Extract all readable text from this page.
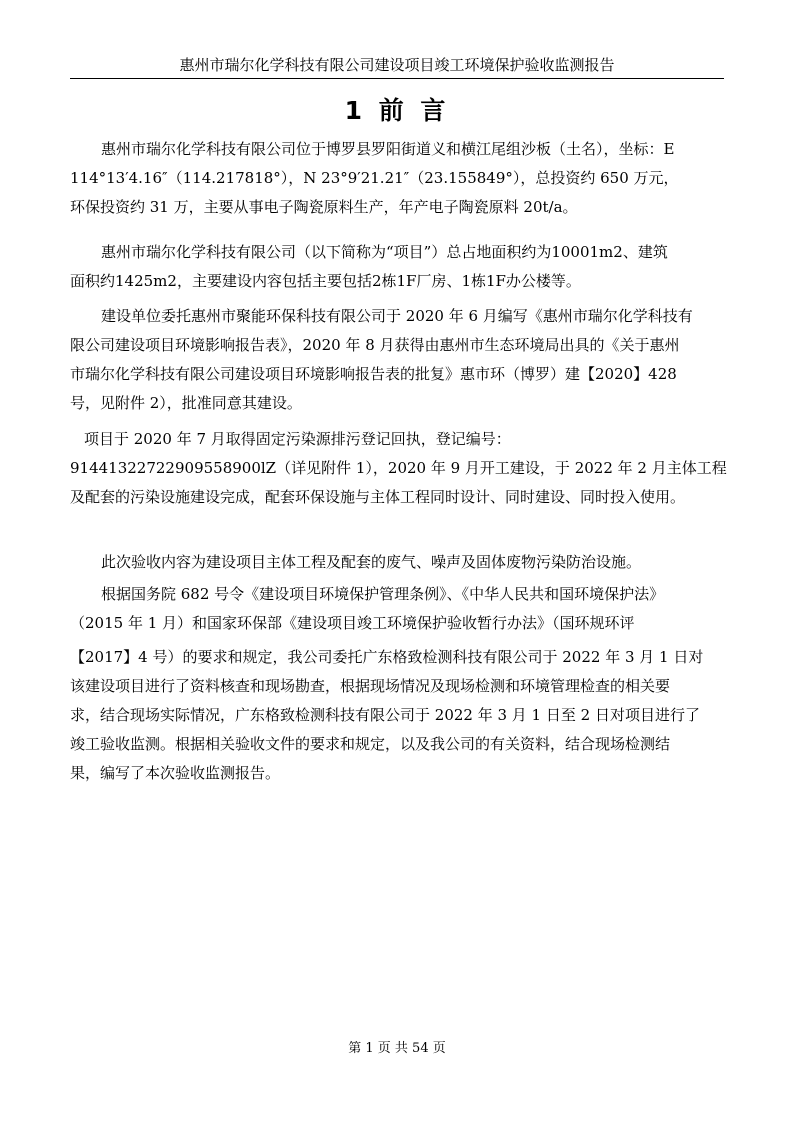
惠州市瑞尔化学科技有限公司建设项目竣工环境保护验收监测报告
1 前 言
惠州市瑞尔化学科技有限公司位于博罗县罗阳街道义和横江尾组沙板（土名），坐标：E
114°13′4.16″（114.217818°），N 23°9′21.21″（23.155849°），总投资约 650 万元，
环保投资约 31 万，主要从事电子陶瓷原料生产，年产电子陶瓷原料 20t/a。
惠州市瑞尔化学科技有限公司（以下简称为“项目”）总占地面积约为10001m2、建筑
面积约1425m2，主要建设内容包括主要包括2栋1F厂房、1栋1F办公楼等。
建设单位委托惠州市聚能环保科技有限公司于 2020 年 6 月编写《惠州市瑞尔化学科技有
限公司建设项目环境影响报告表》，2020 年 8 月获得由惠州市生态环境局出具的《关于惠州
市瑞尔化学科技有限公司建设项目环境影响报告表的批复》惠市环（博罗）建【2020】428
号，见附件 2），批准同意其建设。
项目于 2020 年 7 月取得固定污染源排污登记回执，登记编号：
91441322722909558900lZ（详见附件 1），2020 年 9 月开工建设，于 2022 年 2 月主体工程
及配套的污染设施建设完成，配套环保设施与主体工程同时设计、同时建设、同时投入使用。
此次验收内容为建设项目主体工程及配套的废气、噪声及固体废物污染防治设施。
根据国务院 682 号令《建设项目环境保护管理条例》、《中华人民共和国环境保护法》
（2015 年 1 月）和国家环保部《建设项目竣工环境保护验收暂行办法》（国环规环评
【2017】4 号）的要求和规定，我公司委托广东格致检测科技有限公司于 2022 年 3 月 1 日对
该建设项目进行了资料核查和现场勘查，根据现场情况及现场检测和环境管理检查的相关要
求，结合现场实际情况，广东格致检测科技有限公司于 2022 年 3 月 1 日至 2 日对项目进行了
竣工验收监测。根据相关验收文件的要求和规定，以及我公司的有关资料，结合现场检测结
果，编写了本次验收监测报告。
第 1 页 共 54 页
